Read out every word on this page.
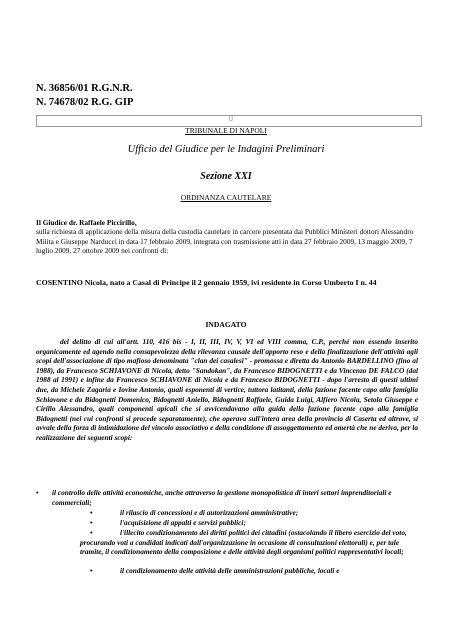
N. 36856/01 R.G.N.R.
N. 74678/02 R.G. GIP
▯
TRIBUNALE DI NAPOLI
Ufficio del Giudice per le Indagini Preliminari
Sezione XXI
ORDINANZA CAUTELARE
Il Giudice dr. Raffaele Piccirillo,
sulla richiesta di applicazione della misura della custodia cautelare in carcere presentata dai Pubblici Ministeri dottori Alessandro Milita e Giuseppe Narducci in data 17 febbraio 2009, integrata con trasmissione atti in data 27 febbraio 2009, 13 maggio 2009, 7 luglio 2009, 27 ottobre 2009 nei confronti di:
COSENTINO Nicola, nato a Casal di Principe il 2 gennaio 1959, ivi residente in Corso Umberto I n. 44
INDAGATO
del delitto di cui all'artt. 110, 416 bis - I, II, III, IV, V, VI ed VIII comma, C.P., perché non essendo inserito organicamente ed agendo nella consapevolezza della rilevanza causale dell'apporto reso e della finalizzazione dell'attività agli scopi dell'associazione di tipo mafioso denominata "clan dei casalesi" - promossa e diretta da Antonio BARDELLINO (fino al 1988), da Francesco SCHIAVONE di Nicola, detto "Sandokan", da Francesco BIDOGNETTI e da Vincenzo DE FALCO (dal 1988 al 1991) e infine da Francesco SCHIAVONE di Nicola e da Francesco BIDOGNETTI - dopo l'arresto di questi ultimi due, da Michele Zagaria e Iovine Antonio, quali esponenti di vertice, tuttora latitanti, della fazione facente capo alla famiglia Schiavone e da Bidognetti Domenico, Bidognetti Aniello, Bidognetti Raffaele, Guida Luigi, Alfiero Nicola, Setola Giuseppe e Cirillo Alessandro, quali componenti apicali che si avvicendavano alla guida della fazione facente capo alla famiglia Bidognetti (nei cui confronti si procede separatamente), che operava sull'intera area della provincia di Caserta ed altrove, si avvale della forza di intimidazione del vincolo associativo e della condizione di assoggettamento ed omertà che ne deriva, per la realizzazione dei seguenti scopi:
• il controllo delle attività economiche, anche attraverso la gestione monopolistica di interi settori imprenditoriali e commerciali;
•	il rilascio di concessioni e di autorizzazioni amministrative;
•	l'acquisizione di appalti e servizi pubblici;
•	l'illecito condizionamento dei diritti politici dei cittadini (ostacolando il libero esercizio del voto, procurando voti a candidati indicati dall'organizzazione in occasione di consultazioni elettorali) e, per tale tramite, il condizionamento della composizione e delle attività degli organismi politici rappresentativi locali;
•	il condizionamento delle attività delle amministrazioni pubbliche, locali e
